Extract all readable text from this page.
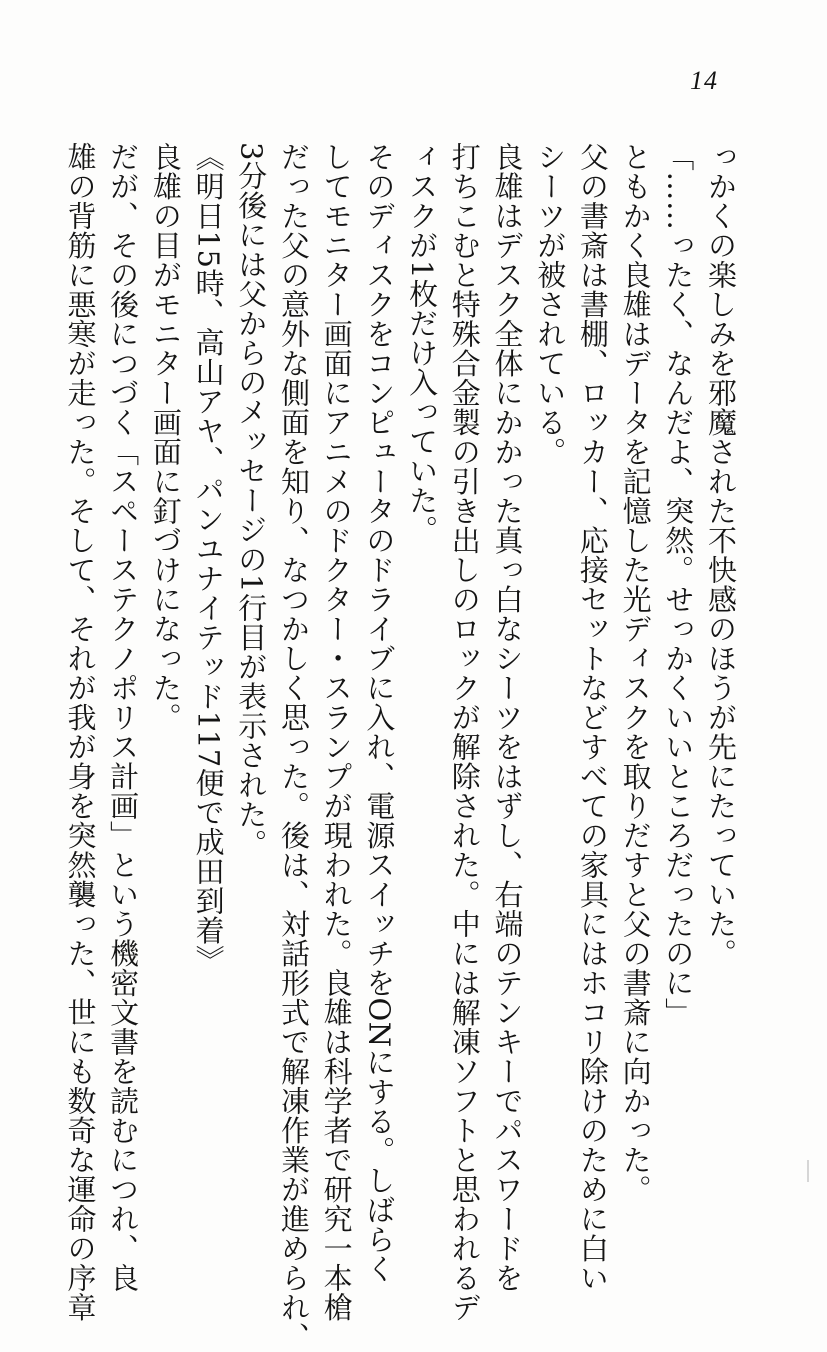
14
っかくの楽しみを邪魔された不快感のほうが先にたっていた。
「……ったく、なんだよ、突然。せっかくいいところだったのに」
ともかく良雄はデータを記憶した光ディスクを取りだすと父の書斎に向かった。
父の書斎は書棚、ロッカー、応接セットなどすべての家具にはホコリ除けのために白い
シーツが被されている。
良雄はデスク全体にかかった真っ白なシーツをはずし、右端のテンキーでパスワードを
打ちこむと特殊合金製の引き出しのロックが解除された。中には解凍ソフトと思われるデ
ィスクが1枚だけ入っていた。
そのディスクをコンピュータのドライブに入れ、電源スイッチをONにする。しばらく
してモニター画面にアニメのドクター・スランプが現われた。良雄は科学者で研究一本槍
だった父の意外な側面を知り、なつかしく思った。後は、対話形式で解凍作業が進められ、
3分後には父からのメッセージの1行目が表示された。
《明日15時、高山アヤ、パンユナイテッド117便で成田到着》
良雄の目がモニター画面に釘づけになった。
だが、その後につづく「スペーステクノポリス計画」という機密文書を読むにつれ、良
雄の背筋に悪寒が走った。そして、それが我が身を突然襲った、世にも数奇な運命の序章
